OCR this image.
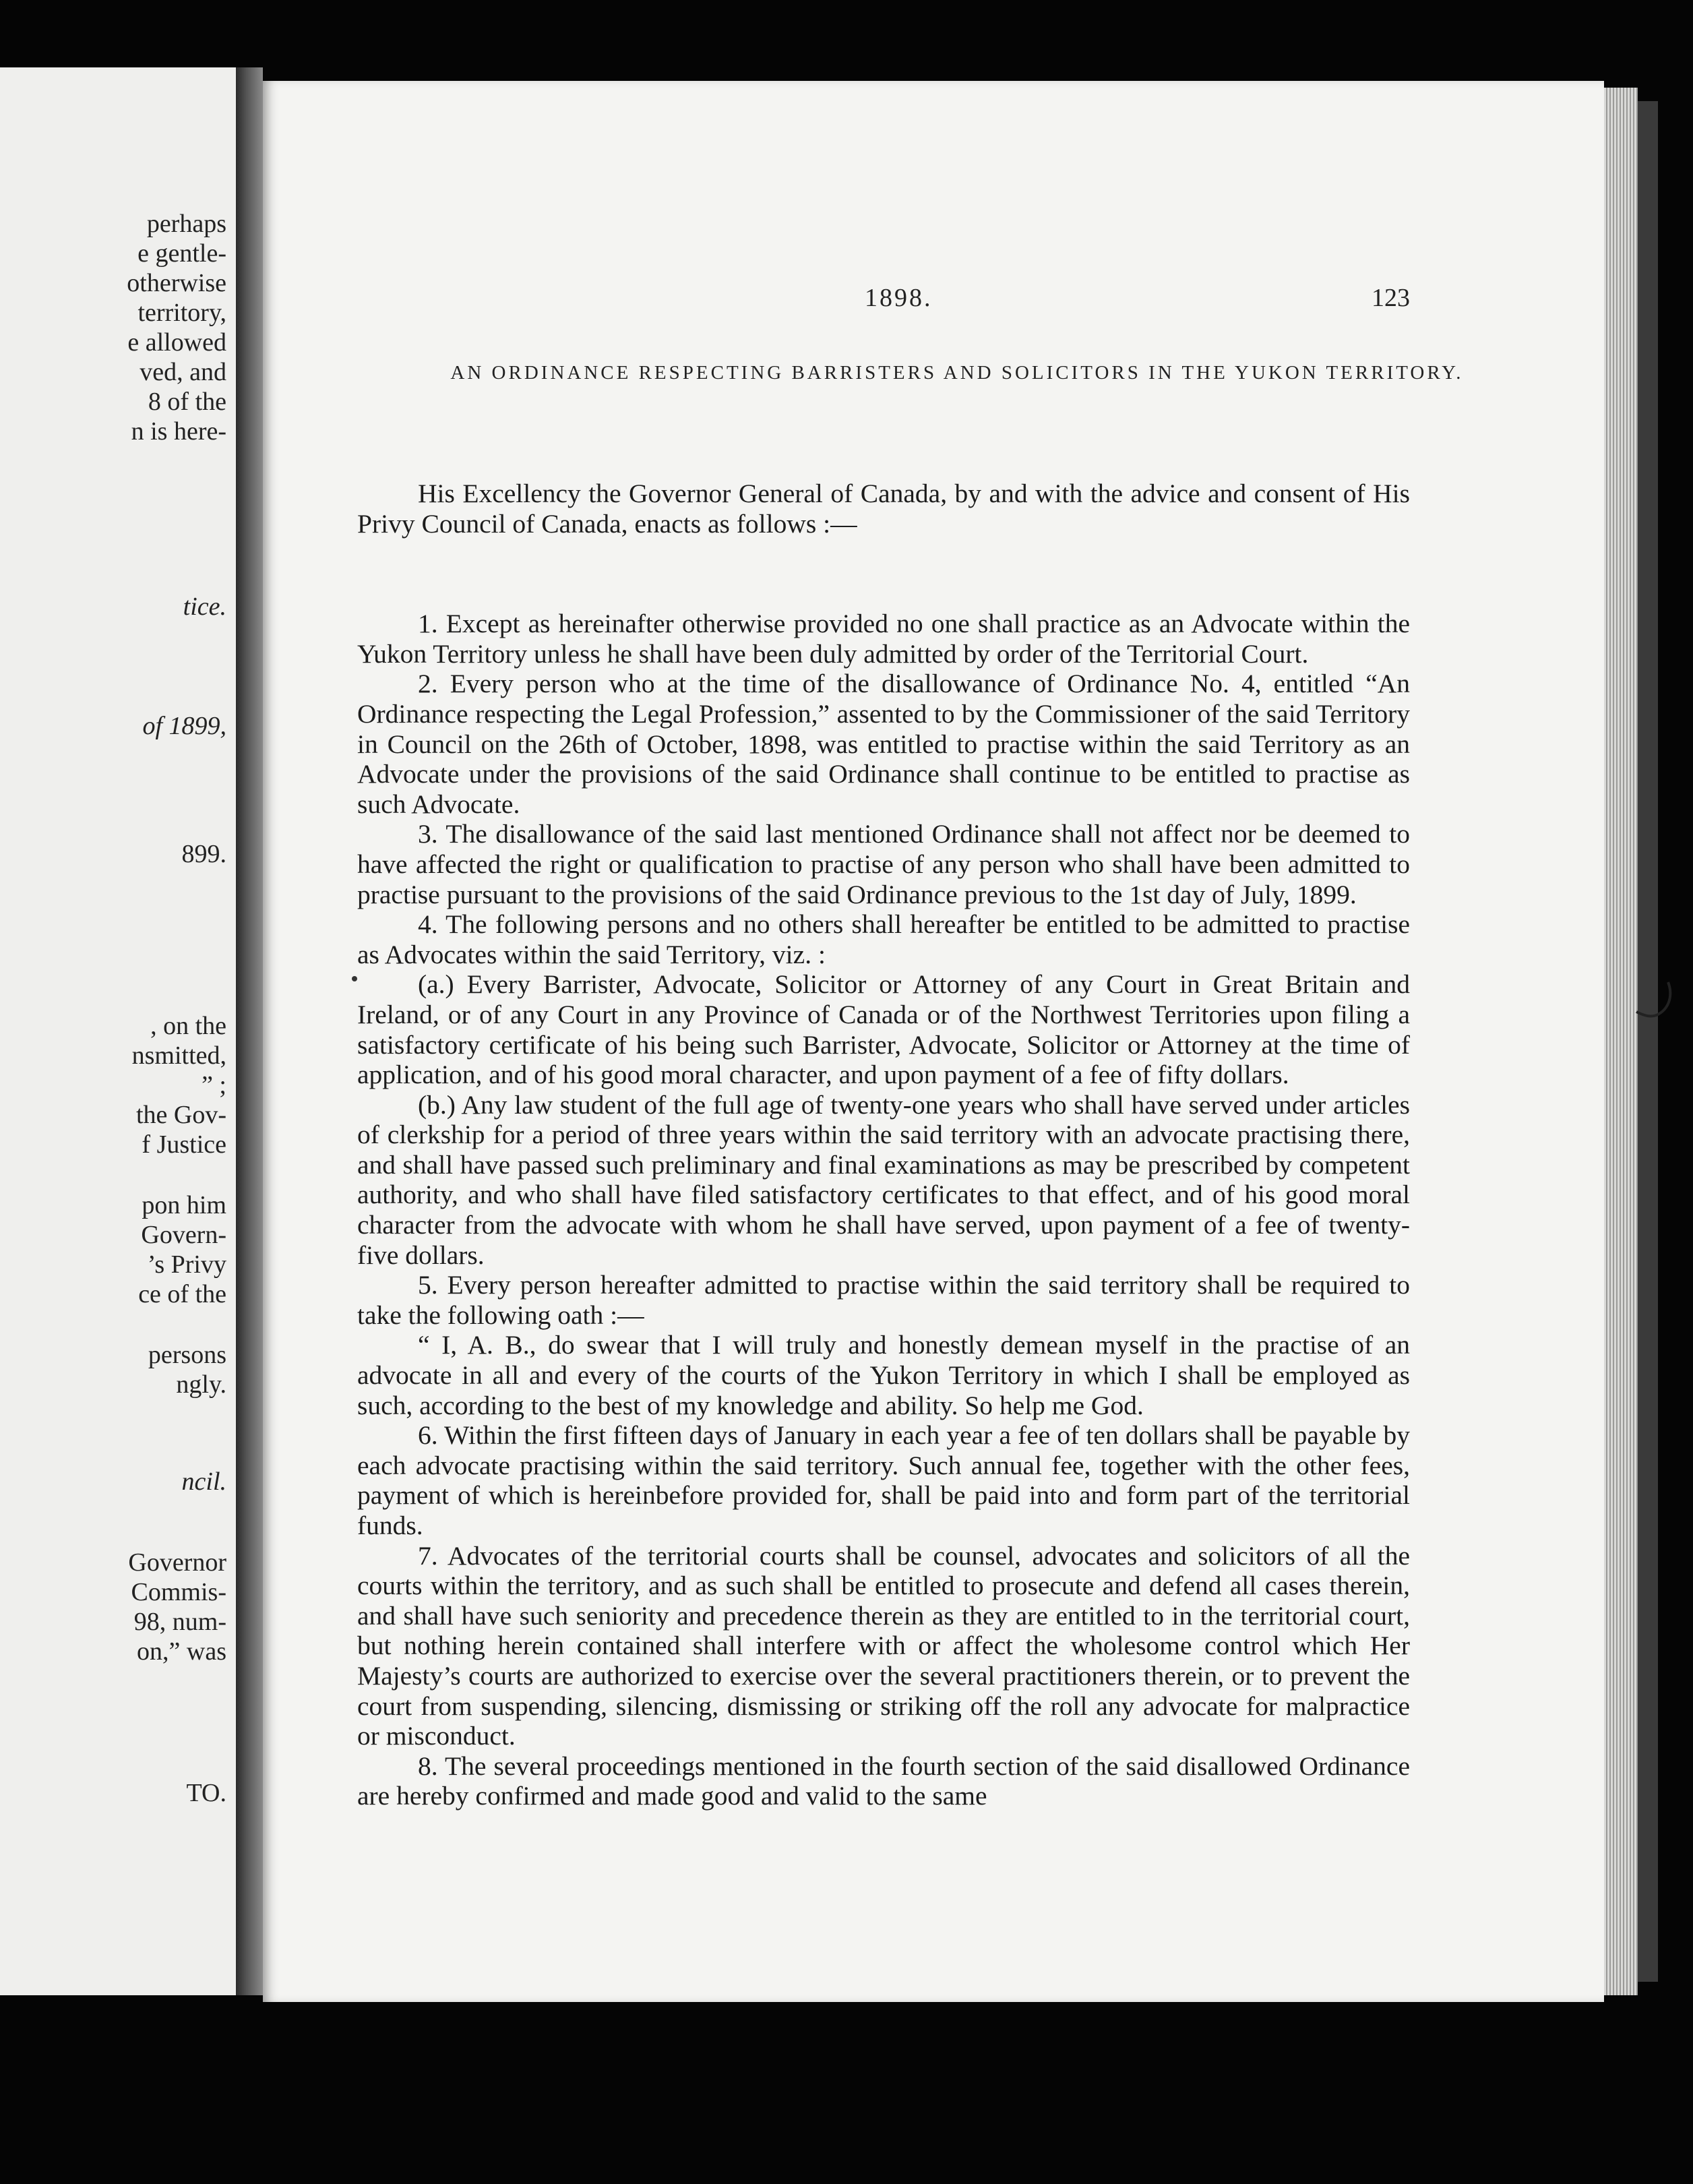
perhaps
e gentle-
otherwise
territory,
e allowed
ved, and
8 of the
n is here-
tice.
of 1899,
899.
, on the
nsmitted,
” ;
the Gov-
f Justice
pon him
Govern-
’s Privy
ce of the
persons
ngly.
ncil.
Governor
Commis-
98, num-
on,” was
TO.
1898.	123
AN ORDINANCE RESPECTING BARRISTERS AND SOLICITORS IN THE YUKON TERRITORY.

His Excellency the Governor General of Canada, by and with the advice and consent of His Privy Council of Canada, enacts as follows :—

1. Except as hereinafter otherwise provided no one shall practice as an Advocate within the Yukon Territory unless he shall have been duly admitted by order of the Territorial Court.

2. Every person who at the time of the disallowance of Ordinance No. 4, entitled “An Ordinance respecting the Legal Profession,” assented to by the Commissioner of the said Territory in Council on the 26th of October, 1898, was entitled to practise within the said Territory as an Advocate under the provisions of the said Ordinance shall continue to be entitled to practise as such Advocate.

3. The disallowance of the said last mentioned Ordinance shall not affect nor be deemed to have affected the right or qualification to practise of any person who shall have been admitted to practise pursuant to the provisions of the said Ordinance previous to the 1st day of July, 1899.

4. The following persons and no others shall hereafter be entitled to be admitted to practise as Advocates within the said Territory, viz. :

(a.) Every Barrister, Advocate, Solicitor or Attorney of any Court in Great Britain and Ireland, or of any Court in any Province of Canada or of the Northwest Territories upon filing a satisfactory certificate of his being such Barrister, Advocate, Solicitor or Attorney at the time of application, and of his good moral character, and upon payment of a fee of fifty dollars.

(b.) Any law student of the full age of twenty-one years who shall have served under articles of clerkship for a period of three years within the said territory with an advocate practising there, and shall have passed such preliminary and final examinations as may be prescribed by competent authority, and who shall have filed satisfactory certificates to that effect, and of his good moral character from the advocate with whom he shall have served, upon payment of a fee of twenty-five dollars.

5. Every person hereafter admitted to practise within the said territory shall be required to take the following oath :—

“ I, A. B., do swear that I will truly and honestly demean myself in the practise of an advocate in all and every of the courts of the Yukon Territory in which I shall be employed as such, according to the best of my knowledge and ability. So help me God.

6. Within the first fifteen days of January in each year a fee of ten dollars shall be payable by each advocate practising within the said territory. Such annual fee, together with the other fees, payment of which is hereinbefore provided for, shall be paid into and form part of the territorial funds.

7. Advocates of the territorial courts shall be counsel, advocates and solicitors of all the courts within the territory, and as such shall be entitled to prosecute and defend all cases therein, and shall have such seniority and precedence therein as they are entitled to in the territorial court, but nothing herein contained shall interfere with or affect the wholesome control which Her Majesty’s courts are authorized to exercise over the several practitioners therein, or to prevent the court from suspending, silencing, dismissing or striking off the roll any advocate for malpractice or misconduct.

8. The several proceedings mentioned in the fourth section of the said disallowed Ordinance are hereby confirmed and made good and valid to the same
